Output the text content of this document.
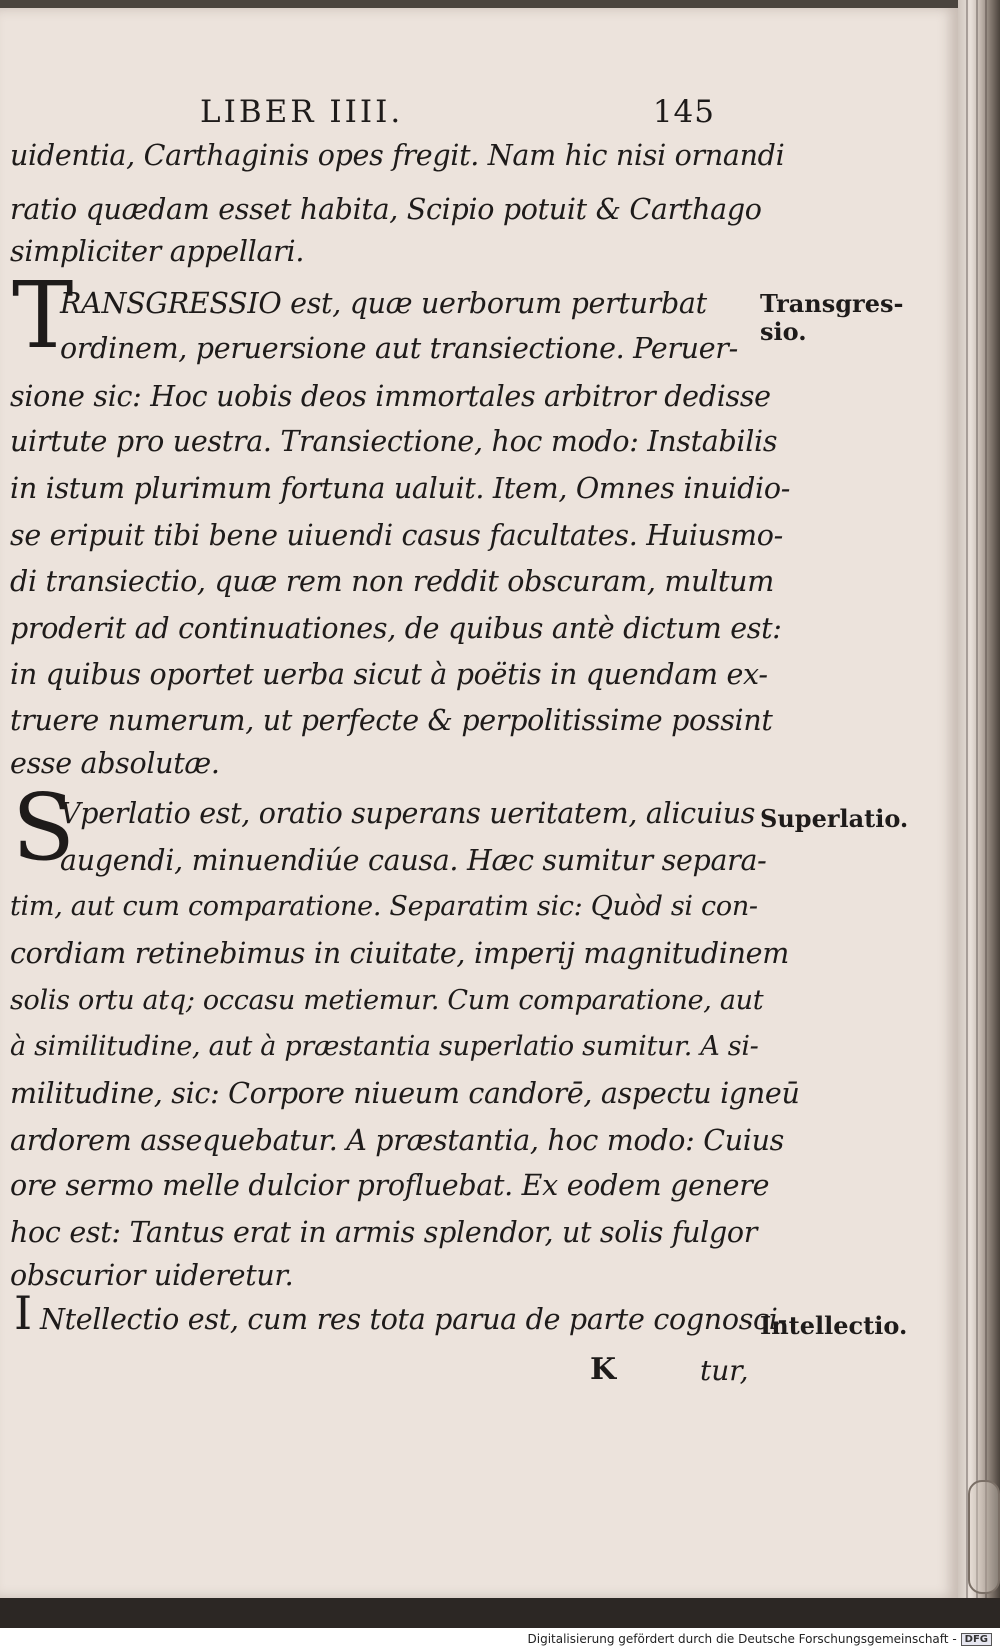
LIBER IIII.	145
uidentia, Carthaginis opes fregit. Nam hic nisi ornandi
ratio quædam esset habita, Scipio potuit & Carthago
simpliciter appellari.
T
RANSGRESSIO est, quæ uerborum perturbat
ordinem, peruersione aut transiectione. Peruer-
sione sic: Hoc uobis deos immortales arbitror dedisse
uirtute pro uestra. Transiectione, hoc modo: Instabilis
in istum plurimum fortuna ualuit. Item, Omnes inuidio-
se eripuit tibi bene uiuendi casus facultates. Huiusmo-
di transiectio, quæ rem non reddit obscuram, multum
proderit ad continuationes, de quibus antè dictum est:
in quibus oportet uerba sicut à poëtis in quendam ex-
truere numerum, ut perfecte & perpolitissime possint
esse absolutæ.
S
Vperlatio est, oratio superans ueritatem, alicuius
augendi, minuendiúe causa. Hæc sumitur separa-
tim, aut cum comparatione. Separatim sic: Quòd si con-
cordiam retinebimus in ciuitate, imperij magnitudinem
solis ortu atq; occasu metiemur. Cum comparatione, aut
à similitudine, aut à præstantia superlatio sumitur. A si-
militudine, sic: Corpore niueum candorē, aspectu igneū
ardorem assequebatur. A præstantia, hoc modo: Cuius
ore sermo melle dulcior profluebat. Ex eodem genere
hoc est: Tantus erat in armis splendor, ut solis fulgor
obscurior uideretur.
I Ntellectio est, cum res tota parua de parte cognosci-
Transgres-
sio.
Superlatio.
Intellectio.
K	tur,
Digitalisierung gefördert durch die Deutsche Forschungsgemeinschaft - DFG
